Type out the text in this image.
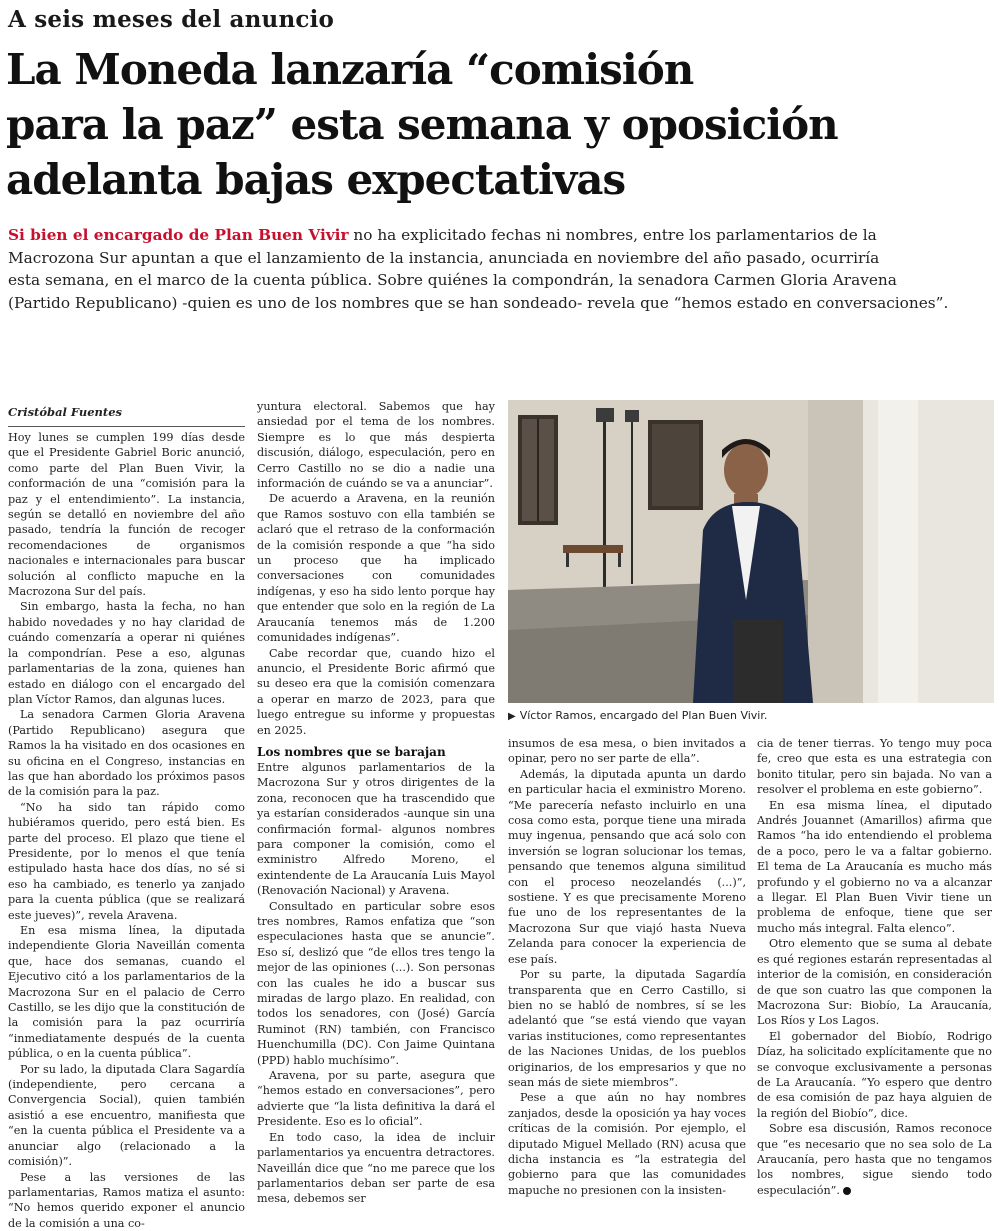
A seis meses del anuncio
La Moneda lanzaría “comisión
para la paz” esta semana y oposición
adelanta bajas expectativas
Si bien el encargado de Plan Buen Vivir no ha explicitado fechas ni nombres, entre los parlamentarios de la
Macrozona Sur apuntan a que el lanzamiento de la instancia, anunciada en noviembre del año pasado, ocurriría
esta semana, en el marco de la cuenta pública. Sobre quiénes la compondrán, la senadora Carmen Gloria Aravena
(Partido Republicano) -quien es uno de los nombres que se han sondeado- revela que “hemos estado en conversaciones”.
Cristóbal Fuentes

Hoy lunes se cumplen 199 días desde que el Presidente Gabriel Boric anunció, como parte del Plan Buen Vivir, la conformación de una “comisión para la paz y el entendimiento”. La instancia, según se detalló en noviembre del año pasado, tendría la función de recoger recomendaciones de organismos nacionales e internacionales para buscar solución al conflicto mapuche en la Macrozona Sur del país.

Sin embargo, hasta la fecha, no han habido novedades y no hay claridad de cuándo comenzaría a operar ni quiénes la compondrían. Pese a eso, algunas parlamentarias de la zona, quienes han estado en diálogo con el encargado del plan Víctor Ramos, dan algunas luces.

La senadora Carmen Gloria Aravena (Partido Republicano) asegura que Ramos la ha visitado en dos ocasiones en su oficina en el Congreso, instancias en las que han abordado los próximos pasos de la comisión para la paz.

“No ha sido tan rápido como hubiéramos querido, pero está bien. Es parte del proceso. El plazo que tiene el Presidente, por lo menos el que tenía estipulado hasta hace dos días, no sé si eso ha cambiado, es tenerlo ya zanjado para la cuenta pública (que se realizará este jueves)”, revela Aravena.

En esa misma línea, la diputada independiente Gloria Naveillán comenta que, hace dos semanas, cuando el Ejecutivo citó a los parlamentarios de la Macrozona Sur en el palacio de Cerro Castillo, se les dijo que la constitución de la comisión para la paz ocurriría “inmediatamente después de la cuenta pública, o en la cuenta pública”.

Por su lado, la diputada Clara Sagardía (independiente, pero cercana a Convergencia Social), quien también asistió a ese encuentro, manifiesta que “en la cuenta pública el Presidente va a anunciar algo (relacionado a la comisión)”.

Pese a las versiones de las parlamentarias, Ramos matiza el asunto: “No hemos querido exponer el anuncio de la comisión a una co-

yuntura electoral. Sabemos que hay ansiedad por el tema de los nombres. Siempre es lo que más despierta discusión, diálogo, especulación, pero en Cerro Castillo no se dio a nadie una información de cuándo se va a anunciar”.

De acuerdo a Aravena, en la reunión que Ramos sostuvo con ella también se aclaró que el retraso de la conformación de la comisión responde a que “ha sido un proceso que ha implicado conversaciones con comunidades indígenas, y eso ha sido lento porque hay que entender que solo en la región de La Araucanía tenemos más de 1.200 comunidades indígenas”.

Cabe recordar que, cuando hizo el anuncio, el Presidente Boric afirmó que su deseo era que la comisión comenzara a operar en marzo de 2023, para que luego entregue su informe y propuestas en 2025.

Los nombres que se barajan

Entre algunos parlamentarios de la Macrozona Sur y otros dirigentes de la zona, reconocen que ha trascendido que ya estarían considerados -aunque sin una confirmación formal- algunos nombres para componer la comisión, como el exministro Alfredo Moreno, el exintendente de La Araucanía Luis Mayol (Renovación Nacional) y Aravena.

Consultado en particular sobre esos tres nombres, Ramos enfatiza que “son especulaciones hasta que se anuncie”. Eso sí, deslizó que “de ellos tres tengo la mejor de las opiniones (...). Son personas con las cuales he ido a buscar sus miradas de largo plazo. En realidad, con todos los senadores, con (José) García Ruminot (RN) también, con Francisco Huenchumilla (DC). Con Jaime Quintana (PPD) hablo muchísimo”.

Aravena, por su parte, asegura que “hemos estado en conversaciones”, pero advierte que “la lista definitiva la dará el Presidente. Eso es lo oficial”.

En todo caso, la idea de incluir parlamentarios ya encuentra detractores. Naveillán dice que “no me parece que los parlamentarios deban ser parte de esa mesa, debemos ser

▶ Víctor Ramos, encargado del Plan Buen Vivir.

insumos de esa mesa, o bien invitados a opinar, pero no ser parte de ella”.

Además, la diputada apunta un dardo en particular hacia el exministro Moreno. “Me parecería nefasto incluirlo en una cosa como esta, porque tiene una mirada muy ingenua, pensando que acá solo con inversión se logran solucionar los temas, pensando que tenemos alguna similitud con el proceso neozelandés (...)”, sostiene. Y es que precisamente Moreno fue uno de los representantes de la Macrozona Sur que viajó hasta Nueva Zelanda para conocer la experiencia de ese país.

Por su parte, la diputada Sagardía transparenta que en Cerro Castillo, si bien no se habló de nombres, sí se les adelantó que “se está viendo que vayan varias instituciones, como representantes de las Naciones Unidas, de los pueblos originarios, de los empresarios y que no sean más de siete miembros”.

Pese a que aún no hay nombres zanjados, desde la oposición ya hay voces críticas de la comisión. Por ejemplo, el diputado Miguel Mellado (RN) acusa que dicha instancia es “la estrategia del gobierno para que las comunidades mapuche no presionen con la insisten-

cia de tener tierras. Yo tengo muy poca fe, creo que esta es una estrategia con bonito titular, pero sin bajada. No van a resolver el problema en este gobierno”.

En esa misma línea, el diputado Andrés Jouannet (Amarillos) afirma que Ramos “ha ido entendiendo el problema de a poco, pero le va a faltar gobierno. El tema de La Araucanía es mucho más profundo y el gobierno no va a alcanzar a llegar. El Plan Buen Vivir tiene un problema de enfoque, tiene que ser mucho más integral. Falta elenco”.

Otro elemento que se suma al debate es qué regiones estarán representadas al interior de la comisión, en consideración de que son cuatro las que componen la Macrozona Sur: Biobío, La Araucanía, Los Ríos y Los Lagos.

El gobernador del Biobío, Rodrigo Díaz, ha solicitado explícitamente que no se convoque exclusivamente a personas de La Araucanía. “Yo espero que dentro de esa comisión de paz haya alguien de la región del Biobío”, dice.

Sobre esa discusión, Ramos reconoce que “es necesario que no sea solo de La Araucanía, pero hasta que no tengamos los nombres, sigue siendo todo especulación”.
